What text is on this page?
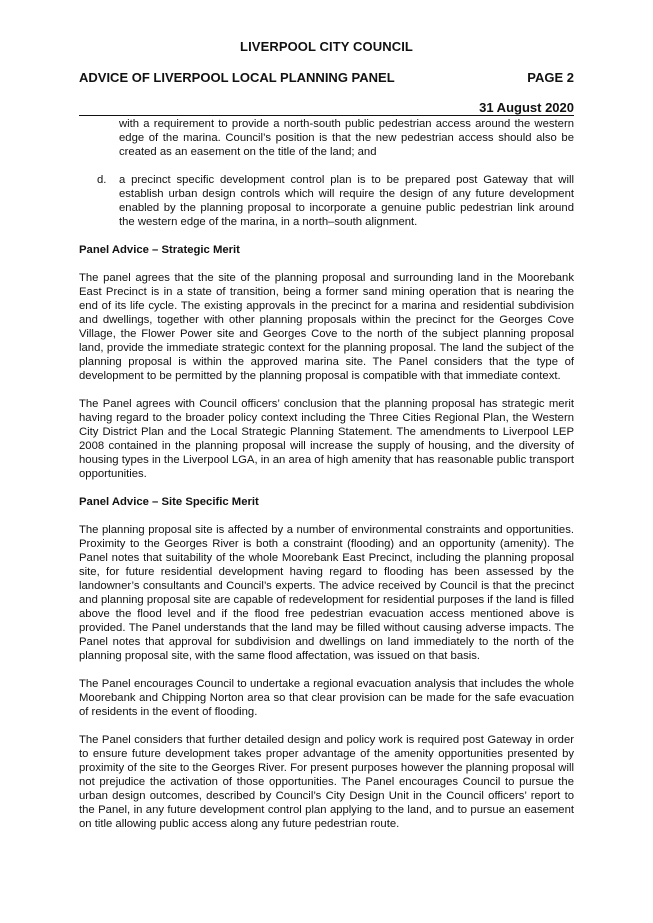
LIVERPOOL CITY COUNCIL
ADVICE OF LIVERPOOL LOCAL PLANNING PANEL	PAGE 2
31 August 2020

with a requirement to provide a north-south public pedestrian access around the western edge of the marina. Council’s position is that the new pedestrian access should also be created as an easement on the title of the land; and

d.	a precinct specific development control plan is to be prepared post Gateway that will establish urban design controls which will require the design of any future development enabled by the planning proposal to incorporate a genuine public pedestrian link around the western edge of the marina, in a north–south alignment.
Panel Advice – Strategic Merit

The panel agrees that the site of the planning proposal and surrounding land in the Moorebank East Precinct is in a state of transition, being a former sand mining operation that is nearing the end of its life cycle. The existing approvals in the precinct for a marina and residential subdivision and dwellings, together with other planning proposals within the precinct for the Georges Cove Village, the Flower Power site and Georges Cove to the north of the subject planning proposal land, provide the immediate strategic context for the planning proposal. The land the subject of the planning proposal is within the approved marina site. The Panel considers that the type of development to be permitted by the planning proposal is compatible with that immediate context.

The Panel agrees with Council officers’ conclusion that the planning proposal has strategic merit having regard to the broader policy context including the Three Cities Regional Plan, the Western City District Plan and the Local Strategic Planning Statement. The amendments to Liverpool LEP 2008 contained in the planning proposal will increase the supply of housing, and the diversity of housing types in the Liverpool LGA, in an area of high amenity that has reasonable public transport opportunities.

Panel Advice – Site Specific Merit

The planning proposal site is affected by a number of environmental constraints and opportunities. Proximity to the Georges River is both a constraint (flooding) and an opportunity (amenity). The Panel notes that suitability of the whole Moorebank East Precinct, including the planning proposal site, for future residential development having regard to flooding has been assessed by the landowner’s consultants and Council’s experts. The advice received by Council is that the precinct and planning proposal site are capable of redevelopment for residential purposes if the land is filled above the flood level and if the flood free pedestrian evacuation access mentioned above is provided. The Panel understands that the land may be filled without causing adverse impacts. The Panel notes that approval for subdivision and dwellings on land immediately to the north of the planning proposal site, with the same flood affectation, was issued on that basis.

The Panel encourages Council to undertake a regional evacuation analysis that includes the whole Moorebank and Chipping Norton area so that clear provision can be made for the safe evacuation of residents in the event of flooding.

The Panel considers that further detailed design and policy work is required post Gateway in order to ensure future development takes proper advantage of the amenity opportunities presented by proximity of the site to the Georges River. For present purposes however the planning proposal will not prejudice the activation of those opportunities. The Panel encourages Council to pursue the urban design outcomes, described by Council’s City Design Unit in the Council officers’ report to the Panel, in any future development control plan applying to the land, and to pursue an easement on title allowing public access along any future pedestrian route.
